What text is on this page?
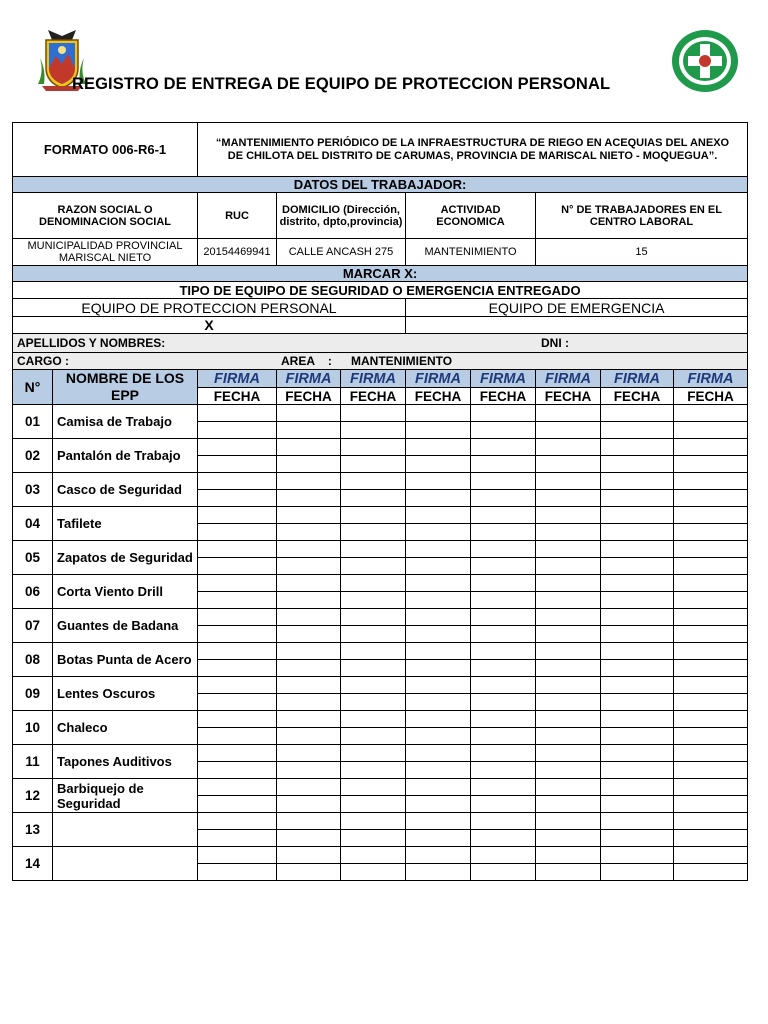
REGISTRO DE ENTREGA DE EQUIPO DE PROTECCION PERSONAL
FORMATO 006-R6-1		“MANTENIMIENTO PERIÓDICO DE LA INFRAESTRUCTURA DE RIEGO EN ACEQUIAS DEL ANEXO DE CHILOTA DEL DISTRITO DE CARUMAS, PROVINCIA DE MARISCAL NIETO - MOQUEGUA”.							
DATOS DEL TRABAJADOR:									
RAZON SOCIAL O DENOMINACION SOCIAL		RUC	DOMICILIO (Dirección, distrito, dpto,provincia)		ACTIVIDAD ECONOMICA		N° DE TRABAJADORES EN EL CENTRO LABORAL		
MUNICIPALIDAD PROVINCIAL MARISCAL NIETO		20154469941	CALLE ANCASH 275		MANTENIMIENTO		15		
MARCAR X:									
TIPO DE EQUIPO DE SEGURIDAD O EMERGENCIA ENTREGADO									
EQUIPO DE PROTECCION PERSONAL					EQUIPO DE EMERGENCIA				
X									

APELLIDOS Y NOMBRES: DNI :									

CARGO : AREA    : MANTENIMIENTO									

N°	NOMBRE DE LOS EPP	FIRMA	FIRMA	FIRMA	FIRMA	FIRMA	FIRMA	FIRMA	FIRMA
		FECHA	FECHA	FECHA	FECHA	FECHA	FECHA	FECHA	FECHA
01	Camisa de Trabajo								

02	Pantalón de Trabajo								

03	Casco de Seguridad								

04	Tafilete								

05	Zapatos de Seguridad								

06	Corta Viento Drill								

07	Guantes de Badana								

08	Botas Punta de Acero								

09	Lentes Oscuros								

10	Chaleco								

11	Tapones Auditivos								

12	Barbiquejo de Seguridad								

13									

14									
